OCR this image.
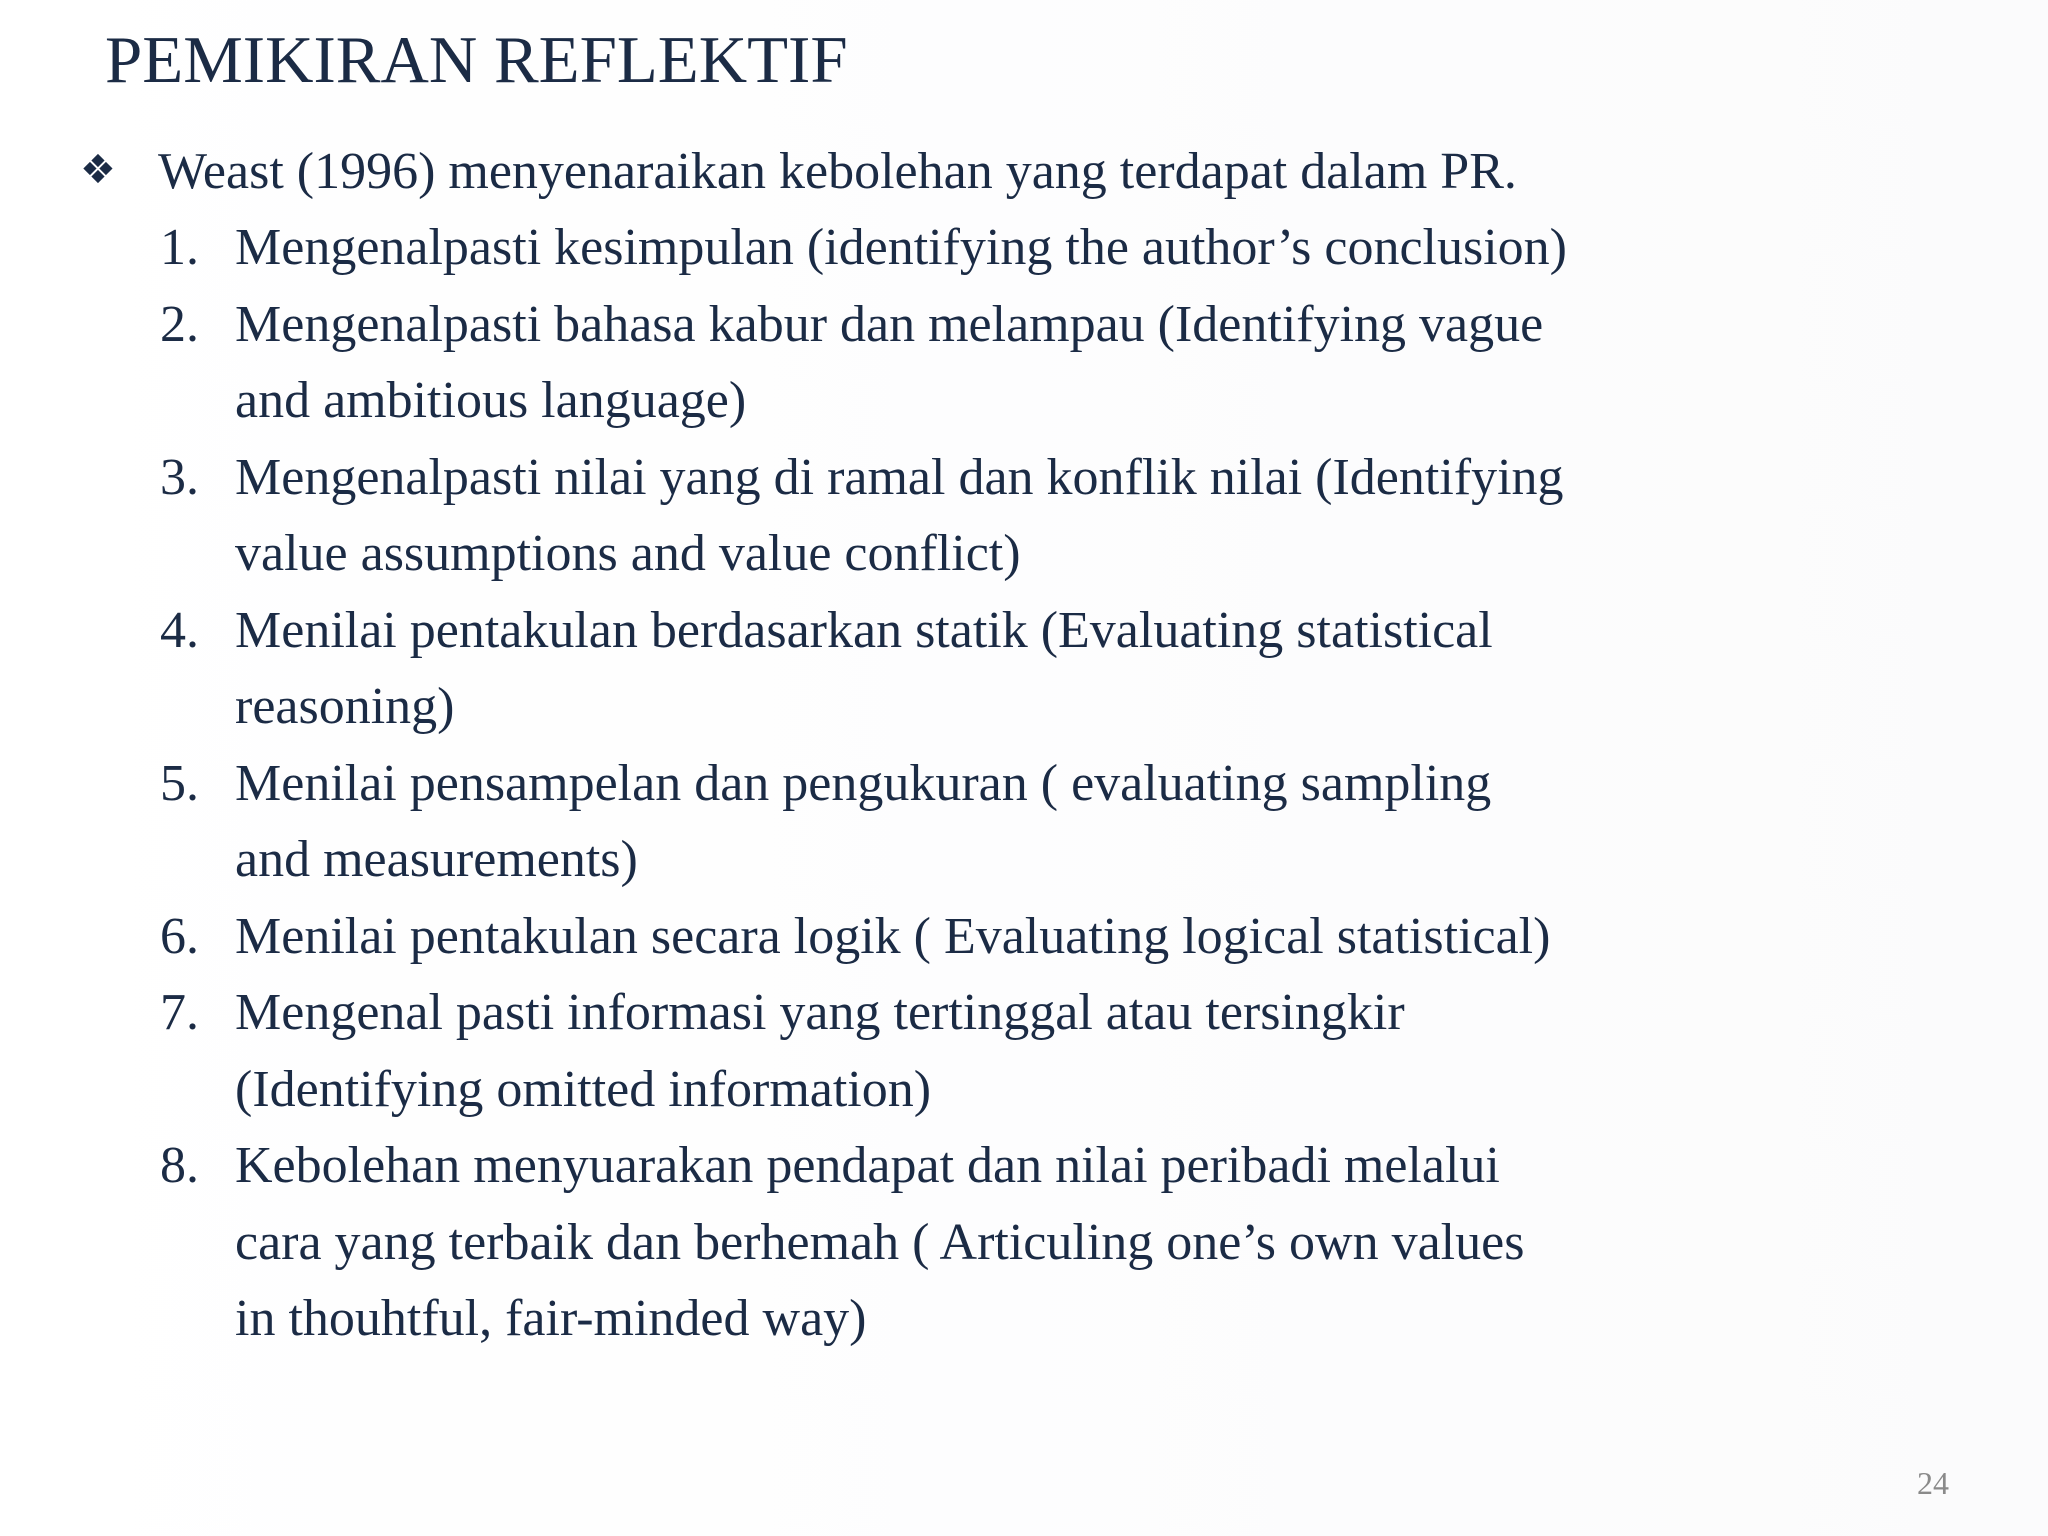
PEMIKIRAN REFLEKTIF
❖ Weast (1996) menyenaraikan kebolehan yang terdapat dalam PR.
1. Mengenalpasti kesimpulan (identifying the author’s conclusion)
2. Mengenalpasti bahasa kabur dan melampau (Identifying vague
and ambitious language)
3. Mengenalpasti nilai yang di ramal dan konflik nilai (Identifying
value assumptions and value conflict)
4. Menilai pentakulan berdasarkan statik (Evaluating statistical
reasoning)
5. Menilai pensampelan dan pengukuran ( evaluating sampling
and measurements)
6. Menilai pentakulan secara logik ( Evaluating logical statistical)
7. Mengenal pasti informasi yang tertinggal atau tersingkir
(Identifying omitted information)
8. Kebolehan menyuarakan pendapat dan nilai peribadi melalui
cara yang terbaik dan berhemah ( Articuling one’s own values
in thouhtful, fair-minded way)
24
